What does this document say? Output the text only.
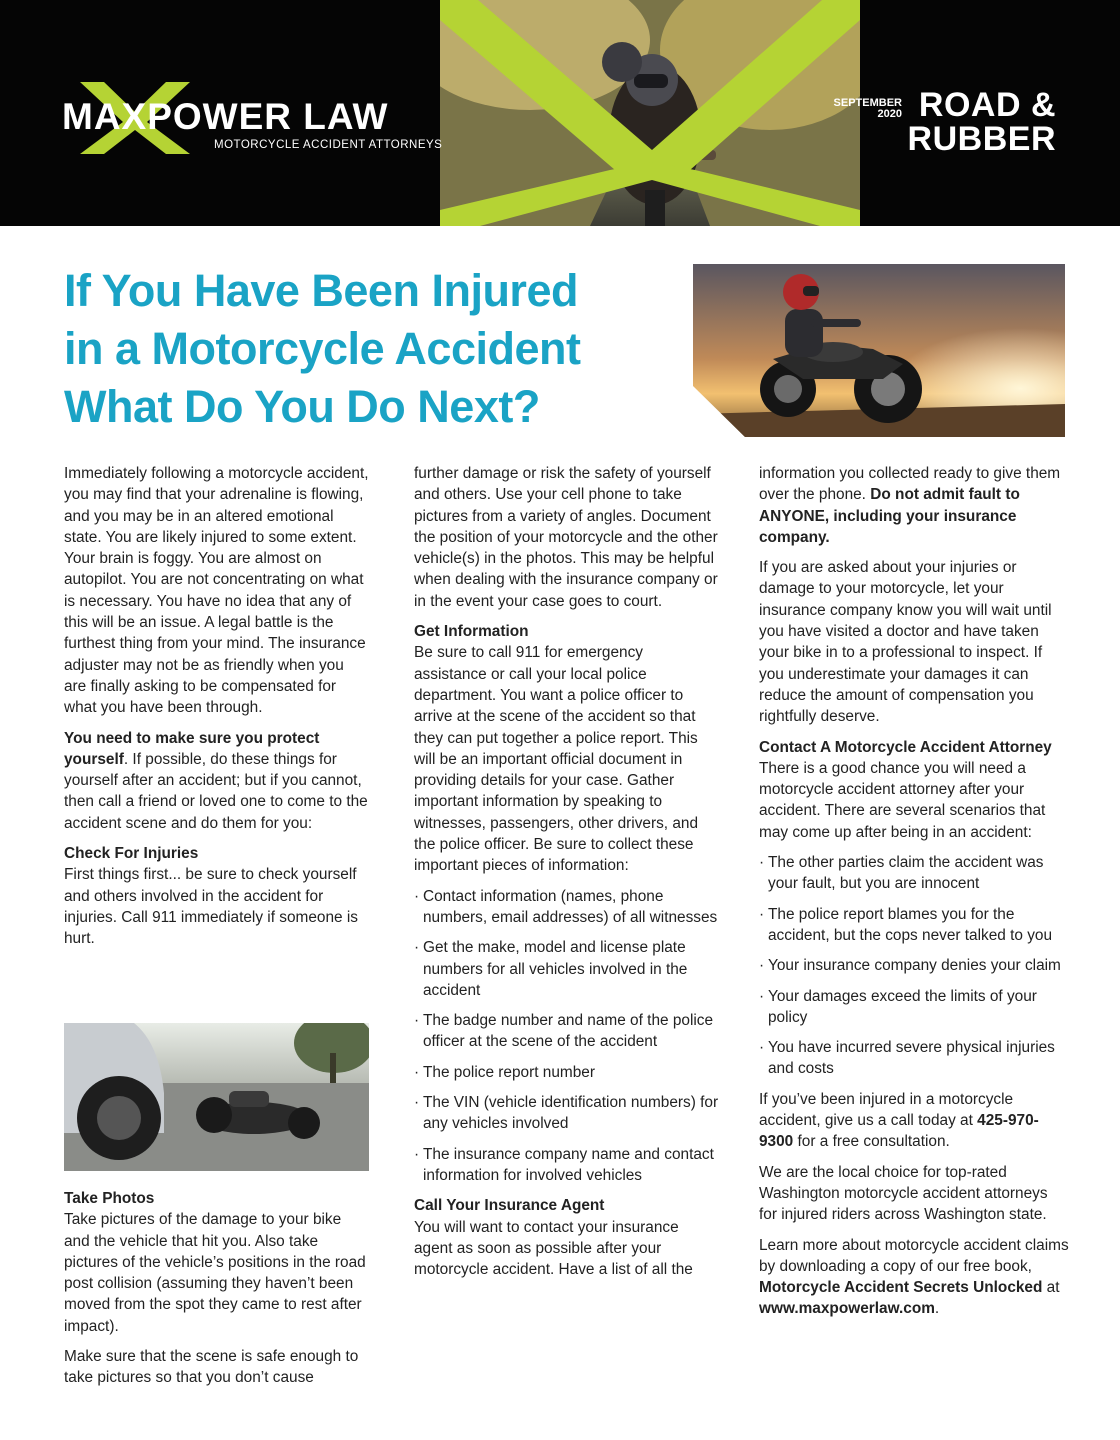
MAXPOWER LAW
MOTORCYCLE ACCIDENT ATTORNEYS
SEPTEMBER
2020 ROAD &
RUBBER
If You Have Been Injured
in a Motorcycle Accident
What Do You Do Next?

Immediately following a motorcycle accident, you may find that your adrenaline is flowing, and you may be in an altered emotional state. You are likely injured to some extent. Your brain is foggy. You are almost on autopilot. You are not concentrating on what is necessary. You have no idea that any of this will be an issue. A legal battle is the furthest thing from your mind. The insurance adjuster may not be as friendly when you are finally asking to be compensated for what you have been through.

You need to make sure you protect yourself. If possible, do these things for yourself after an accident; but if you cannot, then call a friend or loved one to come to the accident scene and do them for you:

Check For Injuries

First things first... be sure to check yourself and others involved in the accident for injuries. Call 911 immediately if someone is hurt.

Take Photos

Take pictures of the damage to your bike and the vehicle that hit you. Also take pictures of the vehicle’s positions in the road post collision (assuming they haven’t been moved from the spot they came to rest after impact).

Make sure that the scene is safe enough to take pictures so that you don’t cause

further damage or risk the safety of yourself and others. Use your cell phone to take pictures from a variety of angles. Document the position of your motorcycle and the other vehicle(s) in the photos. This may be helpful when dealing with the insurance company or in the event your case goes to court.

Get Information

Be sure to call 911 for emergency assistance or call your local police department. You want a police officer to arrive at the scene of the accident so that they can put together a police report. This will be an important official document in providing details for your case. Gather important information by speaking to witnesses, passengers, other drivers, and the police officer. Be sure to collect these important pieces of information:

· Contact information (names, phone numbers, email addresses) of all witnesses
· Get the make, model and license plate numbers for all vehicles involved in the accident
· The badge number and name of the police officer at the scene of the accident
· The police report number
· The VIN (vehicle identification numbers) for any vehicles involved
· The insurance company name and contact information for involved vehicles

Call Your Insurance Agent

You will want to contact your insurance agent as soon as possible after your motorcycle accident. Have a list of all the

information you collected ready to give them over the phone. Do not admit fault to ANYONE, including your insurance company.

If you are asked about your injuries or damage to your motorcycle, let your insurance company know you will wait until you have visited a doctor and have taken your bike in to a professional to inspect. If you underestimate your damages it can reduce the amount of compensation you rightfully deserve.

Contact A Motorcycle Accident Attorney

There is a good chance you will need a motorcycle accident attorney after your accident. There are several scenarios that may come up after being in an accident:

· The other parties claim the accident was your fault, but you are innocent
· The police report blames you for the accident, but the cops never talked to you
· Your insurance company denies your claim
· Your damages exceed the limits of your policy
· You have incurred severe physical injuries and costs

If you’ve been injured in a motorcycle accident, give us a call today at 425-970-9300 for a free consultation.

We are the local choice for top-rated Washington motorcycle accident attorneys for injured riders across Washington state.

Learn more about motorcycle accident claims by downloading a copy of our free book, Motorcycle Accident Secrets Unlocked at www.maxpowerlaw.com.
